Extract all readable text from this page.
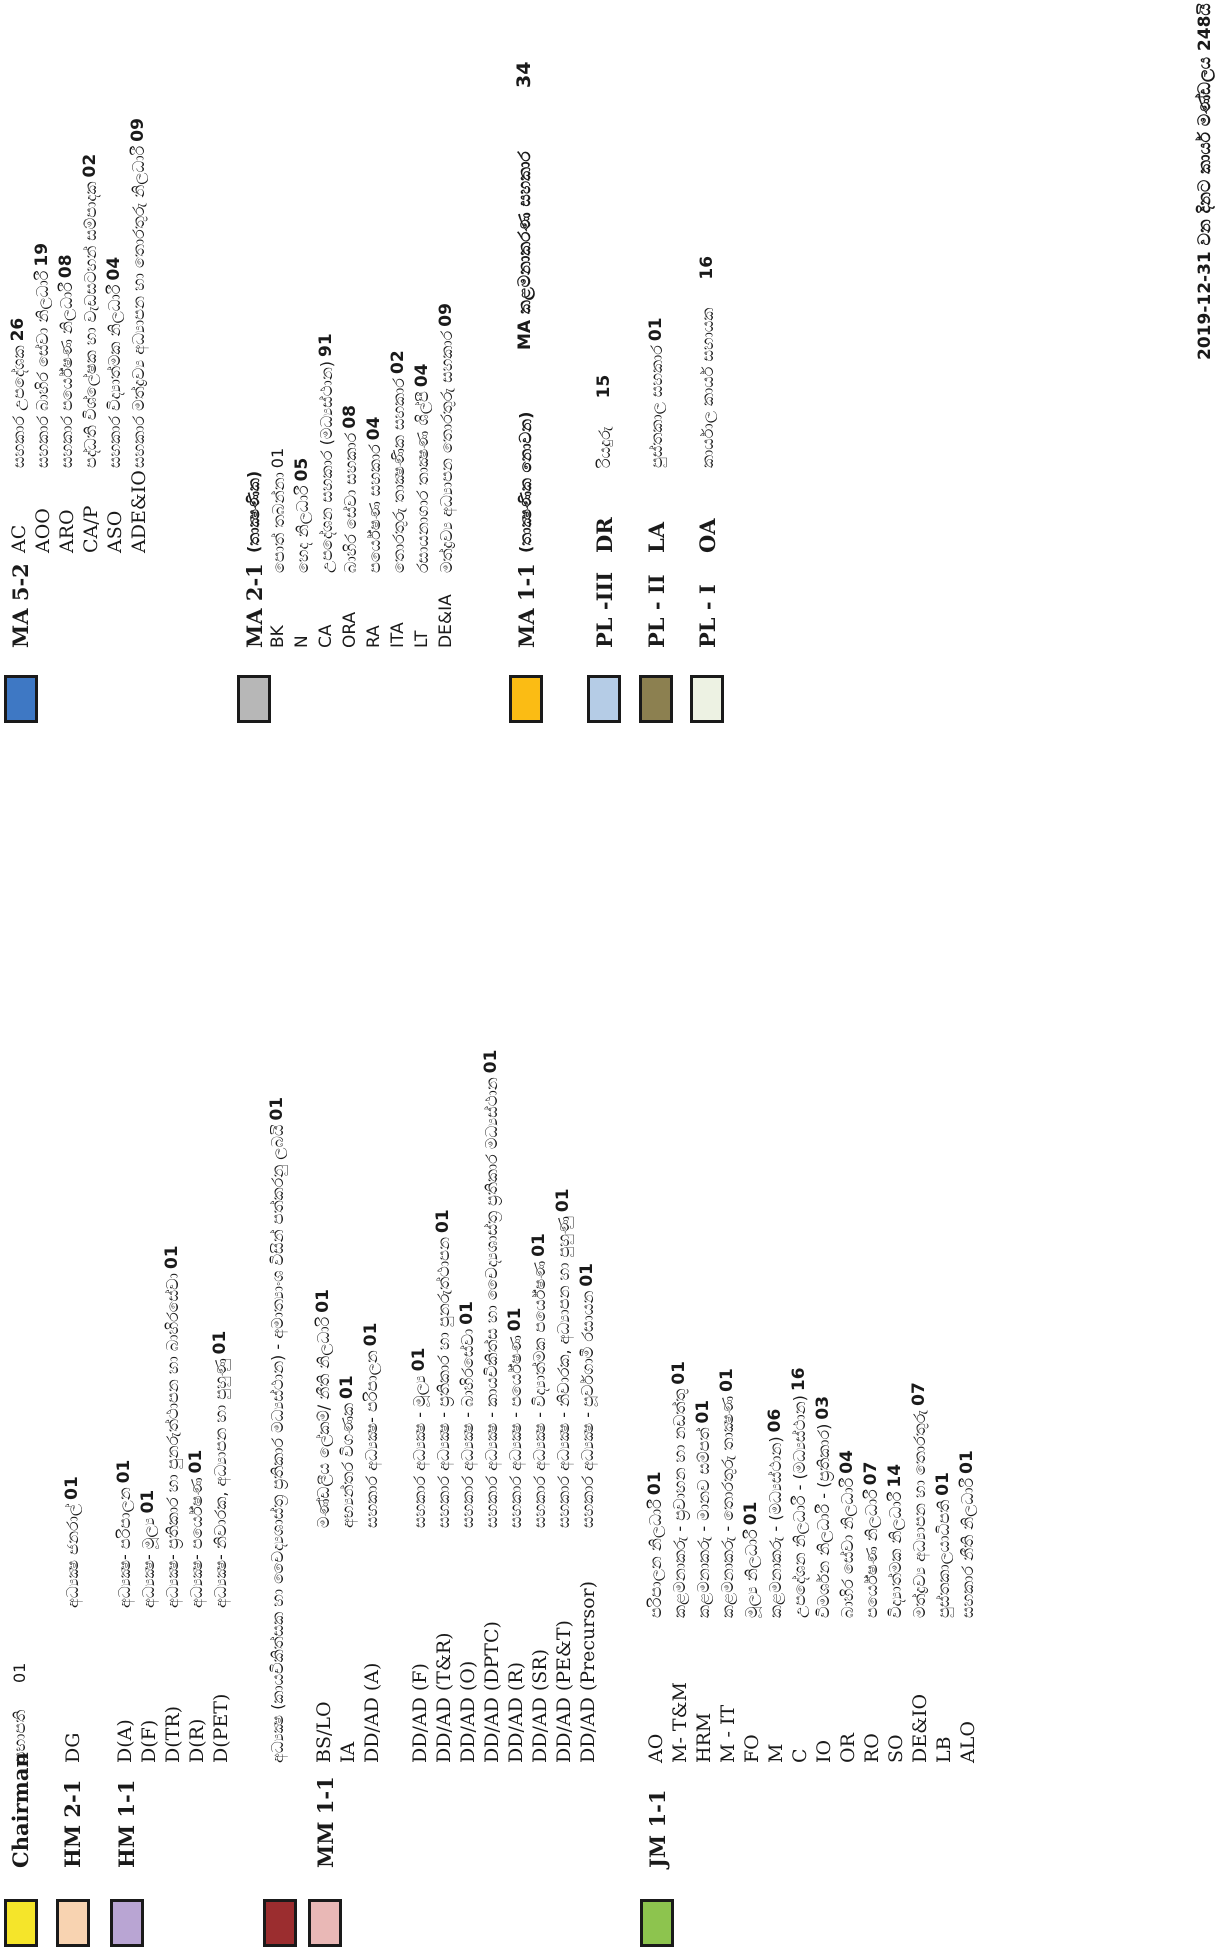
Chairman
සභාපති
01
HM 2-1
DG
අධ්‍යක්‍ෂ ජනරාල්
01
HM 1-1
D(A)
අධ්‍යක්‍ෂ- පරිපාලන
01
D(F)
අධ්‍යක්‍ෂ- මූල්‍ය
01
D(TR)
අධ්‍යක්‍ෂ- ප්‍රතිකාර හා පුනරුත්ථාපන හා බාහිරසේවා
01
D(R)
අධ්‍යක්‍ෂ- පර්යේෂණ
01
D(PET)
අධ්‍යක්‍ෂ- නිවාරක, අධ්‍යාපන හා පුහුණු
01 අධ්‍යක්‍ෂ (කායචිකිත්සක හා චෛද්‍යශාස්ත්‍ර ප්‍රතිකාර මධ්‍යස්ථාන) - අමාත්‍යාංශ විසින් පත්කරනු ලබයි
01
MM 1-1
BS/LO
මණ්ඩලීය ලේකම්/ නීති නිලධාරි
01
IA
අභ්‍යන්තර විගණක
01
DD/AD (A)
සහකාර අධ්‍යක්‍ෂ- පරිපාලන
01
DD/AD (F)
සහකාර අධ්‍යක්‍ෂ - මූල්‍ය
01
DD/AD (T&R)
සහකාර අධ්‍යක්‍ෂ - ප්‍රතිකාර හා පුනරුත්ථාපන
01
DD/AD (O)
සහකාර අධ්‍යක්‍ෂ - බාහිරසේවා
01
DD/AD (DPTC)
සහකාර අධ්‍යක්‍ෂ - කායචිකිත්ස හා චෛද්‍යශාස්ත්‍ර ප්‍රතිකාර මධ්‍යස්ථාන
01
DD/AD (R)
සහකාර අධ්‍යක්‍ෂ - පර්යේෂණ
01
DD/AD (SR)
සහකාර අධ්‍යක්‍ෂ - විද්‍යාත්මක පර්යේෂණ
01
DD/AD (PE&T)
සහකාර අධ්‍යක්‍ෂ - නිවාරක, අධ්‍යාපන හා පුහුණු
01
DD/AD (Precursor)
සහකාර අධ්‍යක්‍ෂ - පූර්වගාමී රසායන
01
JM 1-1
AO
පරිපාලන නිලධාරී
01
M- T&M
කළමනාකරු - ප්‍රවාහන හා නඩත්තු
01
HRM
කළමනාකරු - මානව සම්පත්
01
M - IT
කළමනාකරු - තොරතුරු තාක්‍ෂණ
01
FO
මූල්‍ය නිලධාරී
01
M
කළමනාකරු - (මධ්‍යස්ථාන)
06
C
උපදේශන නිලධාරී - (මධ්‍යස්ථාන)
16
IO
විමර්ශන නිලධාරී - (ප්‍රතිකාර)
03
OR
බාහිර සේවා නිලධාරී
04
RO
පර්යේෂණ නිලධාරී
07
SO
විද්‍යාත්මක නිලධාරී
14
DE&IO
මත්ද්‍රව්‍ය අධ්‍යාපන හා තොරතුරු
07
LB
පුස්තකාලයාධිපති
01
ALO
සහකාර නීති නිලධාරී
01
MA 5-2
AC
සහකාර උපදේශක
26
AOO
සහකාර බාහිර සේවා නිලධාරී
19
ARO
සහකාර පර්යේෂණ නිලධාරී
08
CA/P
පද්ධති විශ්ලේෂක හා වැඩසටහන් සම්පාදක
02
ASO
සහකාර විද්‍යාත්මක නිලධාරී
04
ADE&IO
සහකාර මත්ද්‍රව්‍ය අධ්‍යාපන හා තොරතුරු නිලධාරී
09
MA 2-1
(තාක්‍ෂණික)
BK
පොත් තබන්නා
01
N
හෙද නිලධාරී
05
CA
උපදේශන සහකාර (මධ්‍යස්ථාන)
91
ORA
බාහිර සේවා සහකාර
08
RA
පර්යේෂණ සහකාර
04
ITA
තොරතුරු තාක්‍ෂණික සහකාර
02
LT
රසායනාගාර තාක්‍ෂණ ශිල්පී
04
DE&IA
මත්ද්‍රව්‍ය අධ්‍යාපන තොරතුරු සහකාර
09
MA 1-1
(තාක්‍ෂණික නොවන)
MA කළමනාකරණ සහකාර
34
PL -III
DR
රියදුරු
15
PL - II
LA
පුස්තකාල සහකාර
01
PL - I
OA
කාර්යාල කාර්ය සහායක
16	2019-12-31 වන දිනට කාර්ය මණ්ඩලය 248යි
